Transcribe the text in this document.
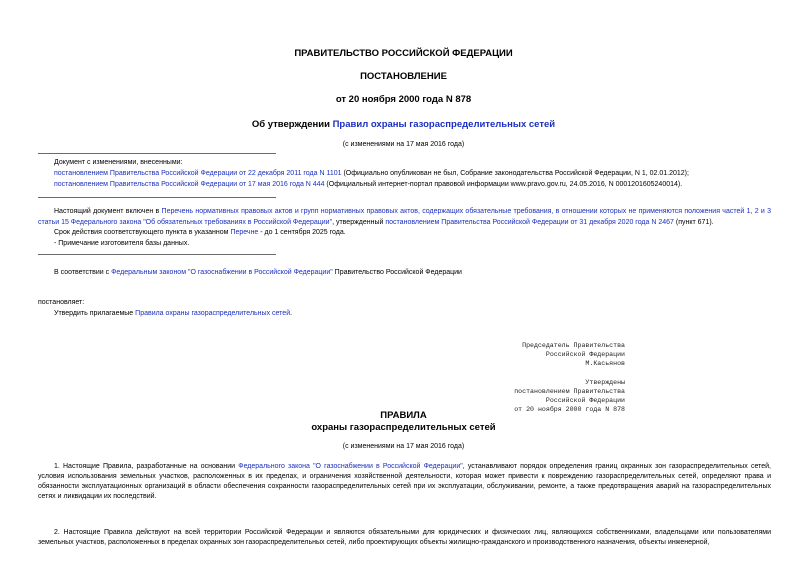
ПРАВИТЕЛЬСТВО РОССИЙСКОЙ ФЕДЕРАЦИИ
ПОСТАНОВЛЕНИЕ
от 20 ноября 2000 года N 878
Об утверждении Правил охраны газораспределительных сетей
(с изменениями на 17 мая 2016 года)
Документ с изменениями, внесенными:
постановлением Правительства Российской Федерации от 22 декабря 2011 года N 1101 (Официально опубликован не был, Собрание законодательства Российской Федерации, N 1, 02.01.2012);
постановлением Правительства Российской Федерации от 17 мая 2016 года N 444 (Официальный интернет-портал правовой информации www.pravo.gov.ru, 24.05.2016, N 0001201605240014).
Настоящий документ включен в Перечень нормативных правовых актов и групп нормативных правовых актов, содержащих обязательные требования, в отношении которых не применяются положения частей 1, 2 и 3 статьи 15 Федерального закона "Об обязательных требованиях в Российской Федерации", утвержденный постановлением Правительства Российской Федерации от 31 декабря 2020 года N 2467 (пункт 671).
Срок действия соответствующего пункта в указанном Перечне - до 1 сентября 2025 года.
- Примечание изготовителя базы данных.
В соответствии с Федеральным законом "О газоснабжении в Российской Федерации" Правительство Российской Федерации
постановляет:
Утвердить прилагаемые Правила охраны газораспределительных сетей.
Председатель Правительства
Российской Федерации
М.Касьянов
Утверждены
постановлением Правительства
Российской Федерации
от 20 ноября 2000 года N 878
ПРАВИЛА
охраны газораспределительных сетей
(с изменениями на 17 мая 2016 года)
1. Настоящие Правила, разработанные на основании Федерального закона "О газоснабжении в Российской Федерации", устанавливают порядок определения границ охранных зон газораспределительных сетей, условия использования земельных участков, расположенных в их пределах, и ограничения хозяйственной деятельности, которая может привести к повреждению газораспределительных сетей, определяют права и обязанности эксплуатационных организаций в области обеспечения сохранности газораспределительных сетей при их эксплуатации, обслуживании, ремонте, а также предотвращения аварий на газораспределительных сетях и ликвидации их последствий.
2. Настоящие Правила действуют на всей территории Российской Федерации и являются обязательными для юридических и физических лиц, являющихся собственниками, владельцами или пользователями земельных участков, расположенных в пределах охранных зон газораспределительных сетей, либо проектирующих объекты жилищно-гражданского и производственного назначения, объекты инженерной,
